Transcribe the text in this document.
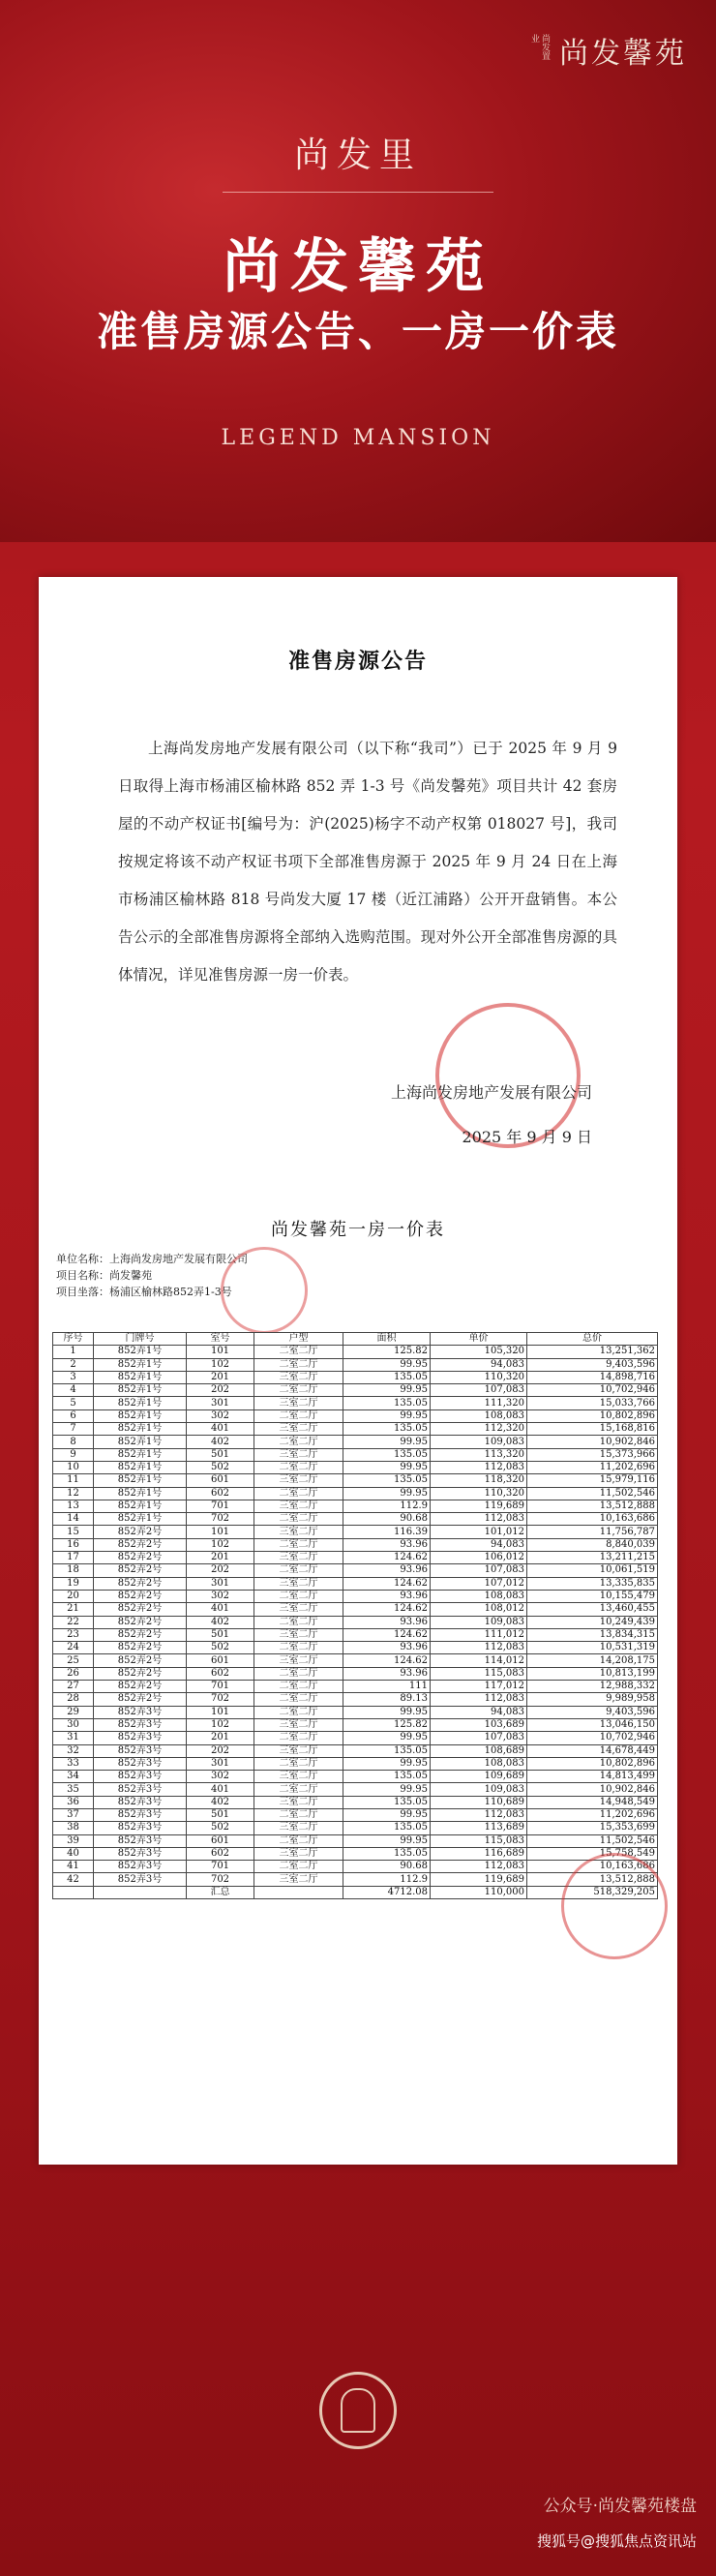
尚发置业 尚发馨苑
尚发里
尚发馨苑
准售房源公告、一房一价表
LEGEND MANSION
准售房源公告
上海尚发房地产发展有限公司（以下称“我司”）已于 2025 年 9 月 9 日取得上海市杨浦区榆林路 852 弄 1-3 号《尚发馨苑》项目共计 42 套房屋的不动产权证书[编号为：沪(2025)杨字不动产权第 018027 号]，我司按规定将该不动产权证书项下全部准售房源于 2025 年 9 月 24 日在上海市杨浦区榆林路 818 号尚发大厦 17 楼（近江浦路）公开开盘销售。本公告公示的全部准售房源将全部纳入选购范围。现对外公开全部准售房源的具体情况，详见准售房源一房一价表。
上海尚发房地产发展有限公司
2025 年 9 月 9 日
尚发馨苑一房一价表
单位名称：上海尚发房地产发展有限公司
项目名称：尚发馨苑
项目坐落：杨浦区榆林路852弄1-3号
序号	门牌号	室号	户型	面积	单价	总价
1	852弄1号	101	二室二厅	125.82	105,320	13,251,362
2	852弄1号	102	二室二厅	99.95	94,083	9,403,596
3	852弄1号	201	三室二厅	135.05	110,320	14,898,716
4	852弄1号	202	二室二厅	99.95	107,083	10,702,946
5	852弄1号	301	三室二厅	135.05	111,320	15,033,766
6	852弄1号	302	二室二厅	99.95	108,083	10,802,896
7	852弄1号	401	三室二厅	135.05	112,320	15,168,816
8	852弄1号	402	二室二厅	99.95	109,083	10,902,846
9	852弄1号	501	三室二厅	135.05	113,320	15,373,966
10	852弄1号	502	二室二厅	99.95	112,083	11,202,696
11	852弄1号	601	三室二厅	135.05	118,320	15,979,116
12	852弄1号	602	二室二厅	99.95	110,320	11,502,546
13	852弄1号	701	三室二厅	112.9	119,689	13,512,888
14	852弄1号	702	二室二厅	90.68	112,083	10,163,686
15	852弄2号	101	三室二厅	116.39	101,012	11,756,787
16	852弄2号	102	二室二厅	93.96	94,083	8,840,039
17	852弄2号	201	三室二厅	124.62	106,012	13,211,215
18	852弄2号	202	二室二厅	93.96	107,083	10,061,519
19	852弄2号	301	三室二厅	124.62	107,012	13,335,835
20	852弄2号	302	二室二厅	93.96	108,083	10,155,479
21	852弄2号	401	三室二厅	124.62	108,012	13,460,455
22	852弄2号	402	二室二厅	93.96	109,083	10,249,439
23	852弄2号	501	三室二厅	124.62	111,012	13,834,315
24	852弄2号	502	二室二厅	93.96	112,083	10,531,319
25	852弄2号	601	三室二厅	124.62	114,012	14,208,175
26	852弄2号	602	二室二厅	93.96	115,083	10,813,199
27	852弄2号	701	二室二厅	111	117,012	12,988,332
28	852弄2号	702	二室二厅	89.13	112,083	9,989,958
29	852弄3号	101	二室二厅	99.95	94,083	9,403,596
30	852弄3号	102	三室二厅	125.82	103,689	13,046,150
31	852弄3号	201	二室二厅	99.95	107,083	10,702,946
32	852弄3号	202	三室二厅	135.05	108,689	14,678,449
33	852弄3号	301	二室二厅	99.95	108,083	10,802,896
34	852弄3号	302	三室二厅	135.05	109,689	14,813,499
35	852弄3号	401	二室二厅	99.95	109,083	10,902,846
36	852弄3号	402	三室二厅	135.05	110,689	14,948,549
37	852弄3号	501	二室二厅	99.95	112,083	11,202,696
38	852弄3号	502	三室二厅	135.05	113,689	15,353,699
39	852弄3号	601	二室二厅	99.95	115,083	11,502,546
40	852弄3号	602	三室二厅	135.05	116,689	15,758,549
41	852弄3号	701	二室二厅	90.68	112,083	10,163,686
42	852弄3号	702	三室二厅	112.9	119,689	13,512,888
		汇总		4712.08	110,000	518,329,205
公众号·尚发馨苑楼盘
搜狐号@搜狐焦点资讯站
